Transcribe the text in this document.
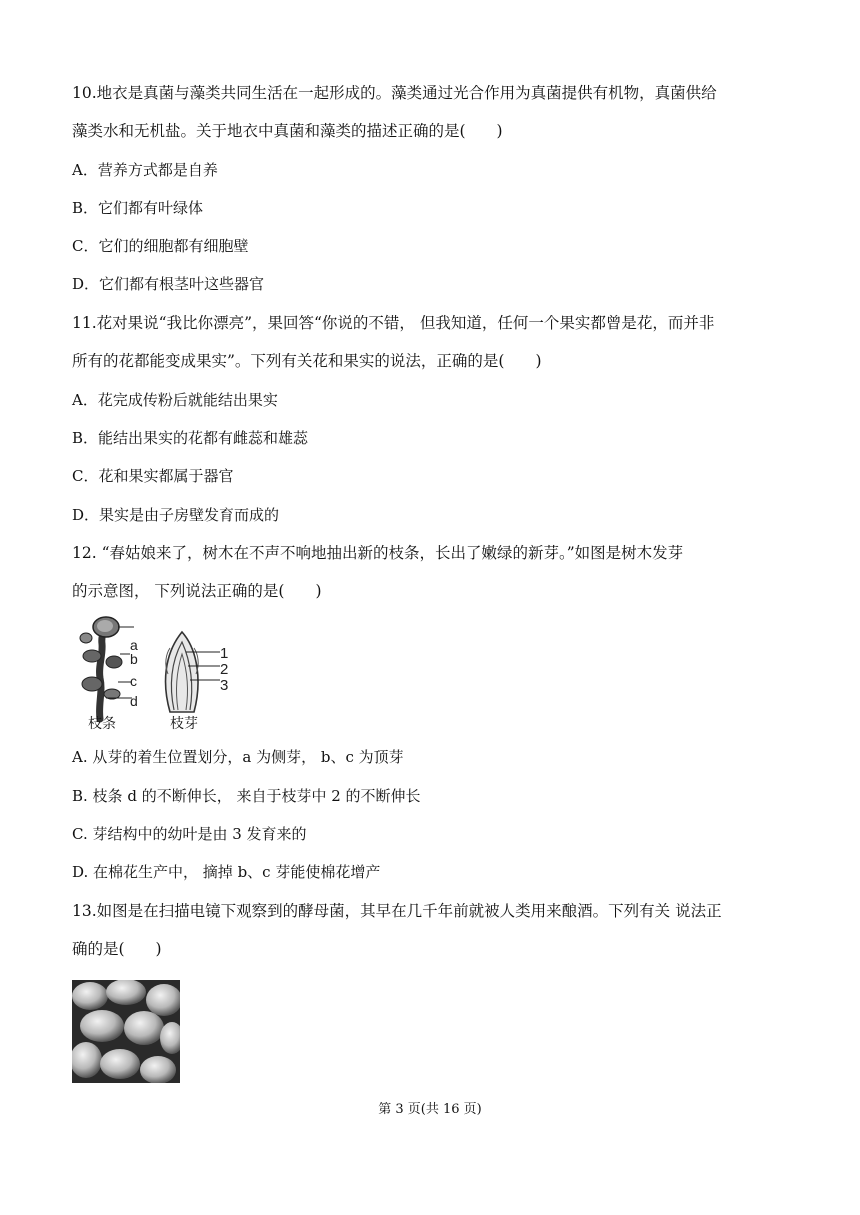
10.地衣是真菌与藻类共同生活在一起形成的。藻类通过光合作用为真菌提供有机物，真菌供给
藻类水和无机盐。关于地衣中真菌和藻类的描述正确的是(　　)
A．营养方式都是自养
B．它们都有叶绿体
C．它们的细胞都有细胞壁
D．它们都有根茎叶这些器官
11.花对果说“我比你漂亮”，果回答“你说的不错， 但我知道，任何一个果实都曾是花，而并非
所有的花都能变成果实”。下列有关花和果实的说法，正确的是(　　)
A．花完成传粉后就能结出果实
B．能结出果实的花都有雌蕊和雄蕊
C．花和果实都属于器官
D．果实是由子房壁发育而成的
12. “春姑娘来了，树木在不声不响地抽出新的枝条，长出了嫩绿的新芽。”如图是树木发芽
的示意图， 下列说法正确的是(　　)
a
b
c
d
1
2
3
枝条	枝芽
A. 从芽的着生位置划分，a 为侧芽， b、c 为顶芽
B. 枝条 d 的不断伸长， 来自于枝芽中 2 的不断伸长
C. 芽结构中的幼叶是由 3 发育来的
D. 在棉花生产中， 摘掉 b、c 芽能使棉花增产
13.如图是在扫描电镜下观察到的酵母菌，其早在几千年前就被人类用来酿酒。下列有关 说法正
确的是(　　)
第 3 页(共 16 页)
